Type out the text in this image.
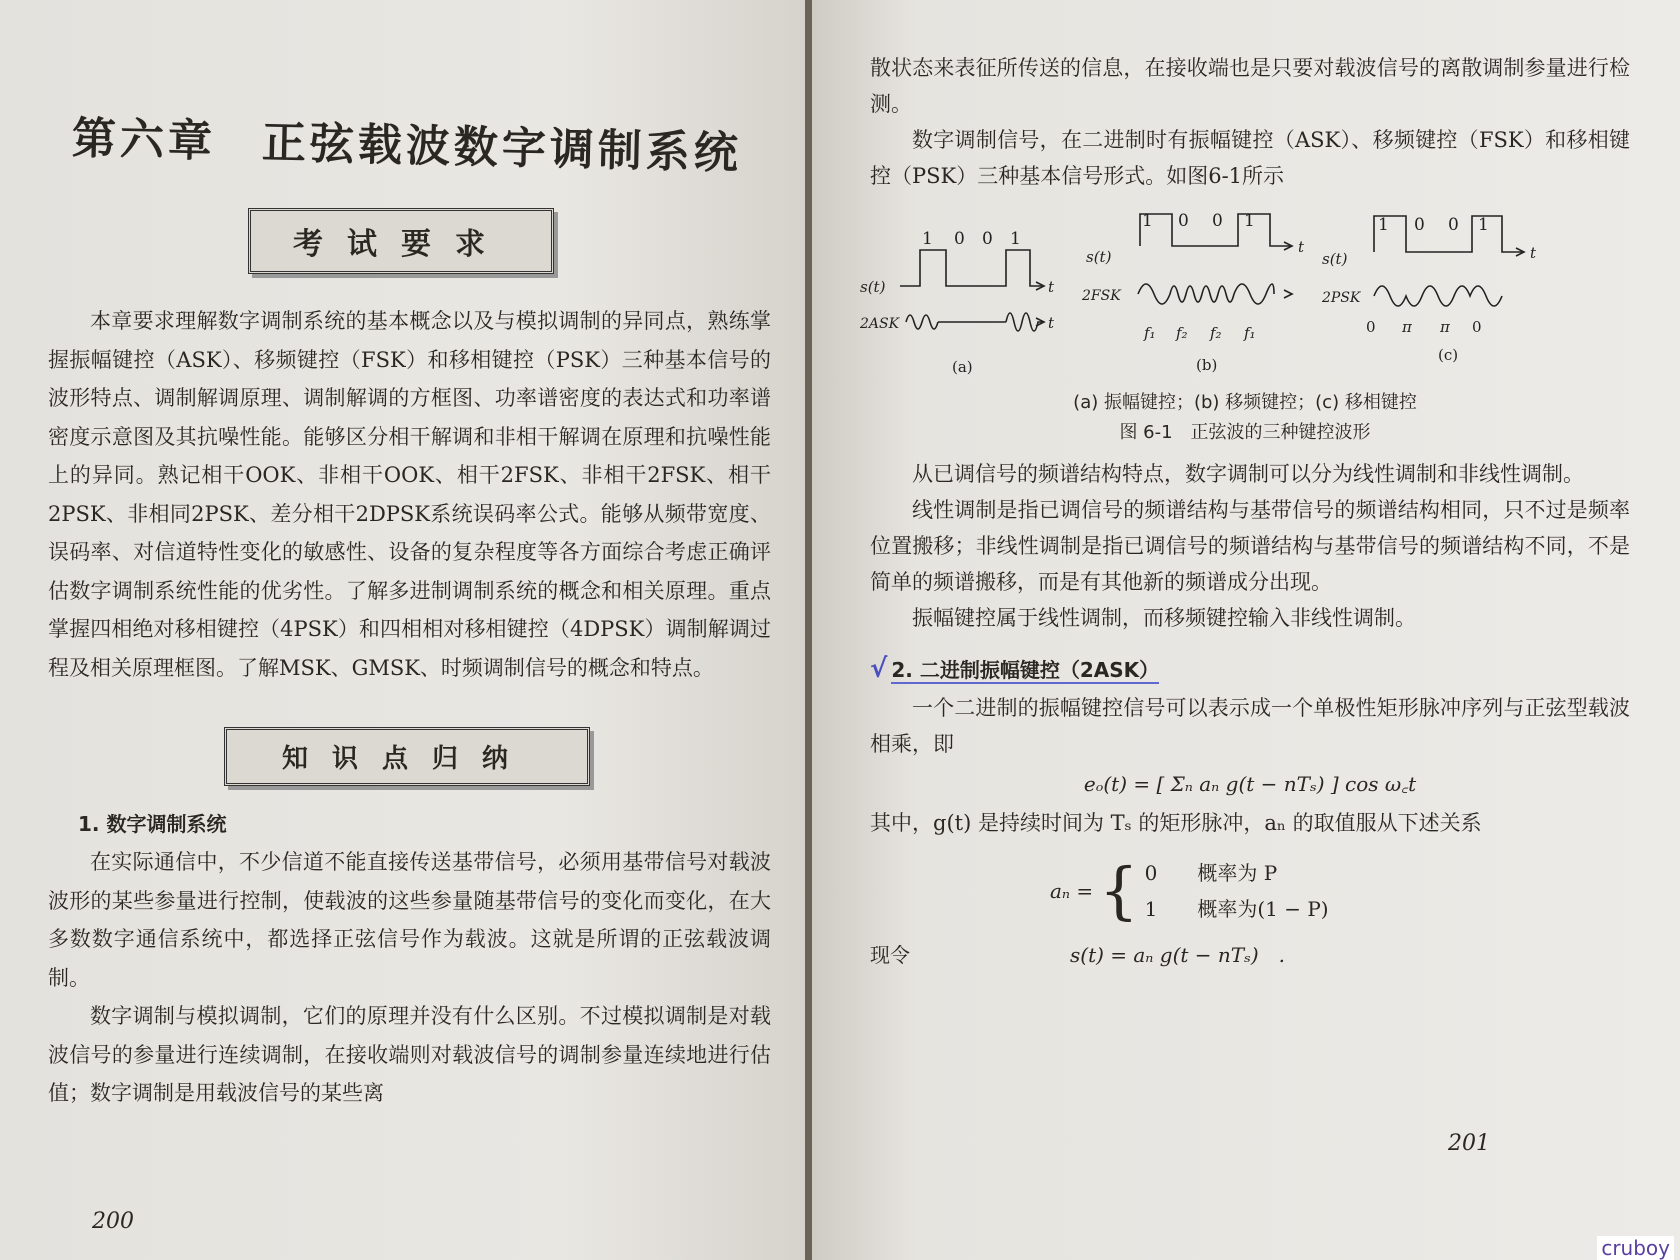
第六章 正弦载波数字调制系统
考试要求

本章要求理解数字调制系统的基本概念以及与模拟调制的异同点，熟练掌握振幅键控（ASK）、移频键控（FSK）和移相键控（PSK）三种基本信号的波形特点、调制解调原理、调制解调的方框图、功率谱密度的表达式和功率谱密度示意图及其抗噪性能。能够区分相干解调和非相干解调在原理和抗噪性能上的异同。熟记相干OOK、非相干OOK、相干2FSK、非相干2FSK、相干2PSK、非相同2PSK、差分相干2DPSK系统误码率公式。能够从频带宽度、误码率、对信道特性变化的敏感性、设备的复杂程度等各方面综合考虑正确评估数字调制系统性能的优劣性。了解多进制调制系统的概念和相关原理。重点掌握四相绝对移相键控（4PSK）和四相相对移相键控（4DPSK）调制解调过程及相关原理框图。了解MSK、GMSK、时频调制信号的概念和特点。

知识点归纳
1. 数字调制系统

在实际通信中，不少信道不能直接传送基带信号，必须用基带信号对载波波形的某些参量进行控制，使载波的这些参量随基带信号的变化而变化，在大多数数字通信系统中，都选择正弦信号作为载波。这就是所谓的正弦载波调制。

数字调制与模拟调制，它们的原理并没有什么区别。不过模拟调制是对载波信号的参量进行连续调制，在接收端则对载波信号的调制参量连续地进行估值；数字调制是用载波信号的某些离

200

散状态来表征所传送的信息，在接收端也是只要对载波信号的离散调制参量进行检测。

数字调制信号，在二进制时有振幅键控（ASK）、移频键控（FSK）和移相键控（PSK）三种基本信号形式。如图6-1所示

1 0 0 1
s(t)	t
2ASK	t
(a)
1 0 0 1
s(t)
t
2FSK
f₁ f₂ f₂ f₁
(b)
1 0 0 1
s(t)	t
2PSK
0 π π 0
(c)
(a) 振幅键控；(b) 移频键控；(c) 移相键控
图 6-1　正弦波的三种键控波形

从已调信号的频谱结构特点，数字调制可以分为线性调制和非线性调制。

线性调制是指已调信号的频谱结构与基带信号的频谱结构相同，只不过是频率位置搬移；非线性调制是指已调信号的频谱结构与基带信号的频谱结构不同，不是简单的频谱搬移，而是有其他新的频谱成分出现。

振幅键控属于线性调制，而移频键控输入非线性调制。

√ 2. 二进制振幅键控（2ASK）

一个二进制的振幅键控信号可以表示成一个单极性矩形脉冲序列与正弦型载波相乘，即

eₒ(t) = [ Σₙ aₙ g(t − nTₛ) ] cos ω꜀t

其中，g(t) 是持续时间为 Tₛ 的矩形脉冲，aₙ 的取值服从下述关系

aₙ = { 0　　概率为 P
1　　概率为(1 − P)
现令	s(t) = aₙ g(t − nTₛ)　.
201
cruboy
